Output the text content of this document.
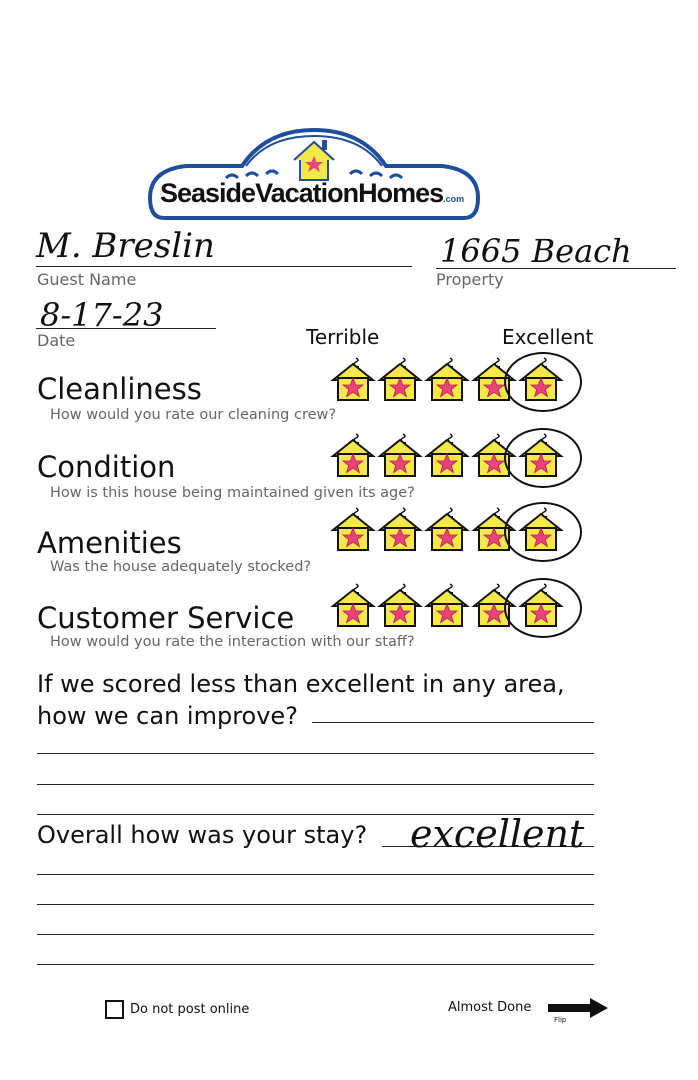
SeasideVacationHomes.com
M. Breslin
Guest Name
1665 Beach
Property
8-17-23
Date	Terrible	Excellent
Cleanliness
How would you rate our cleaning crew?
Condition
How is this house being maintained given its age?
Amenities
Was the house adequately stocked?
Customer Service
How would you rate the interaction with our staff?
If we scored less than excellent in any area,
how we can improve?
Overall how was your stay? excellent
Do not post online	Almost Done
Flip
